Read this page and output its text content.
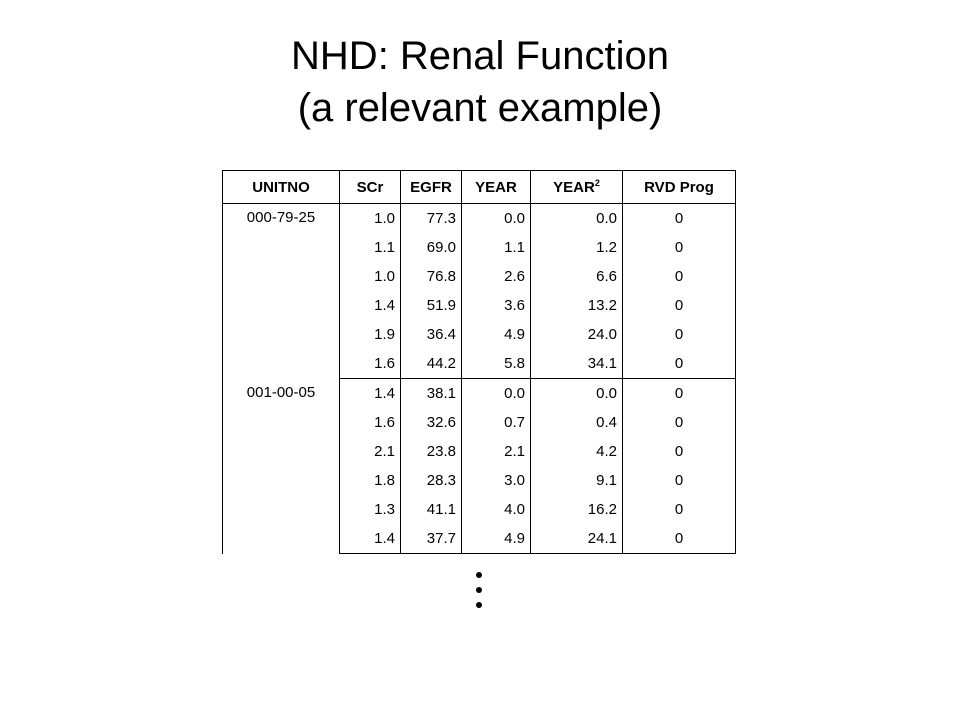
NHD: Renal Function
(a relevant example)
UNITNO	SCr	EGFR	YEAR	YEAR$^2$	RVD Prog
000-79-25	1.0	77.3	0.0	0.0	0
	1.1	69.0	1.1	1.2	0
	1.0	76.8	2.6	6.6	0
	1.4	51.9	3.6	13.2	0
	1.9	36.4	4.9	24.0	0
	1.6	44.2	5.8	34.1	0
001-00-05	1.4	38.1	0.0	0.0	0
	1.6	32.6	0.7	0.4	0
	2.1	23.8	2.1	4.2	0
	1.8	28.3	3.0	9.1	0
	1.3	41.1	4.0	16.2	0
	1.4	37.7	4.9	24.1	0
